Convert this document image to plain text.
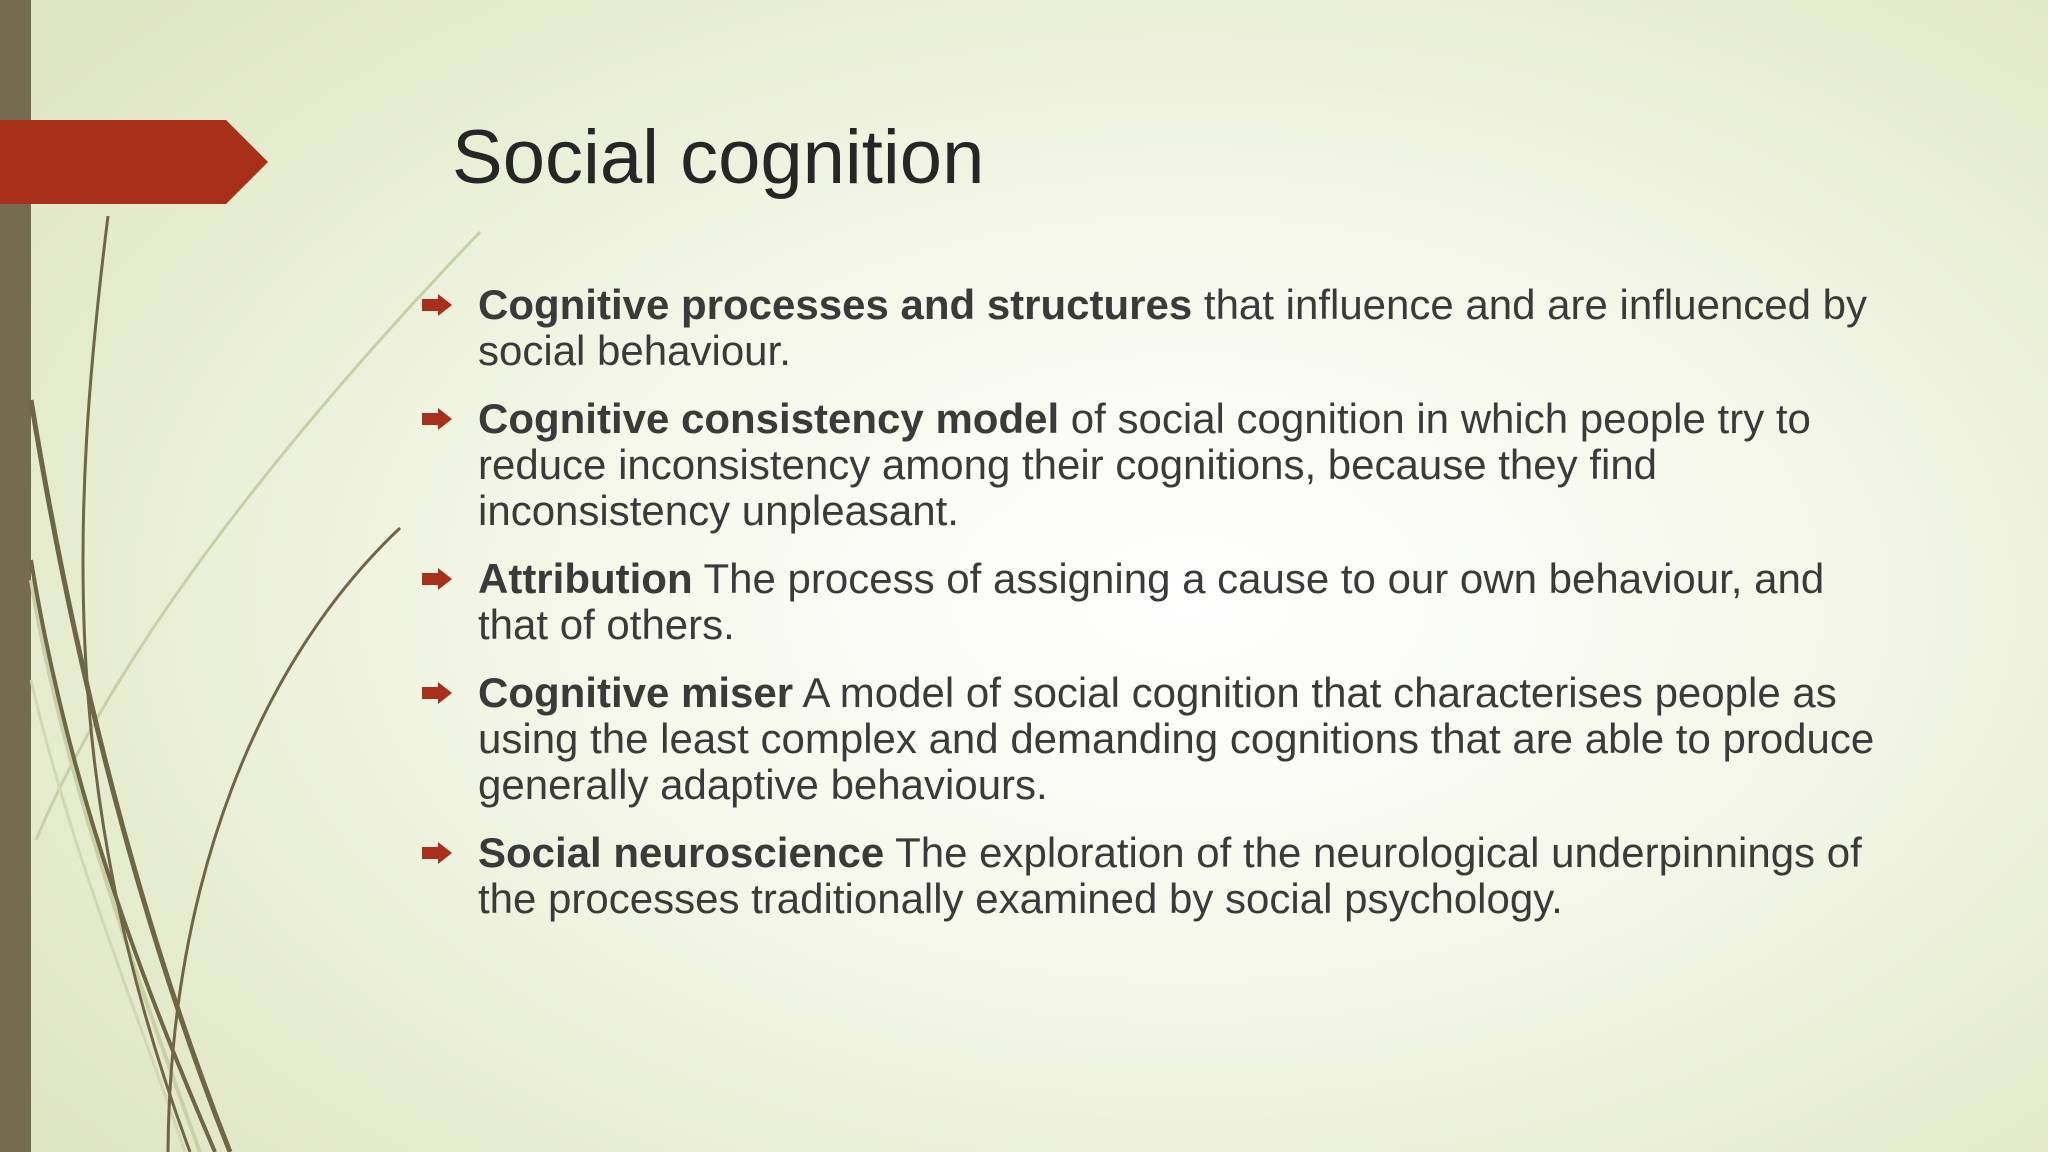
Social cognition
Cognitive processes and structures that influence and are influenced by social behaviour.
Cognitive consistency model of social cognition in which people try to reduce inconsistency among their cognitions, because they find inconsistency unpleasant.
Attribution The process of assigning a cause to our own behaviour, and that of others.
Cognitive miser A model of social cognition that characterises people as using the least complex and demanding cognitions that are able to produce generally adaptive behaviours.
Social neuroscience The exploration of the neurological underpinnings of the processes traditionally examined by social psychology.
